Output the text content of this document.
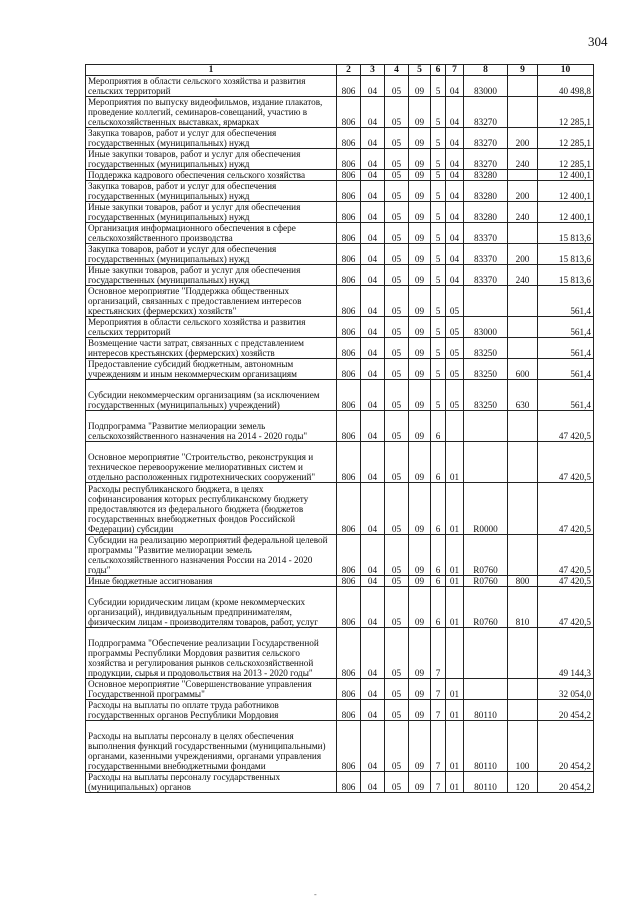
304
1	2	3	4	5	6	7	8	9	10
Мероприятия в области сельского хозяйства и развития сельских территорий	806	04	05	09	5	04	83000		40 498,8
Мероприятия по выпуску видеофильмов, издание плакатов, проведение коллегий, семинаров-совещаний, участию в сельскохозяйственных выставках, ярмарках	806	04	05	09	5	04	83270		12 285,1
Закупка товаров, работ и услуг для обеспечения государственных (муниципальных) нужд	806	04	05	09	5	04	83270	200	12 285,1
Иные закупки товаров, работ и услуг для обеспечения государственных (муниципальных) нужд	806	04	05	09	5	04	83270	240	12 285,1
Поддержка кадрового обеспечения сельского хозяйства	806	04	05	09	5	04	83280		12 400,1
Закупка товаров, работ и услуг для обеспечения государственных (муниципальных) нужд	806	04	05	09	5	04	83280	200	12 400,1
Иные закупки товаров, работ и услуг для обеспечения государственных (муниципальных) нужд	806	04	05	09	5	04	83280	240	12 400,1
Организация информационного обеспечения в сфере сельскохозяйственного производства	806	04	05	09	5	04	83370		15 813,6
Закупка товаров, работ и услуг для обеспечения государственных (муниципальных) нужд	806	04	05	09	5	04	83370	200	15 813,6
Иные закупки товаров, работ и услуг для обеспечения государственных (муниципальных) нужд	806	04	05	09	5	04	83370	240	15 813,6
Основное мероприятие "Поддержка общественных организаций, связанных с предоставлением интересов крестьянских (фермерских) хозяйств"	806	04	05	09	5	05			561,4
Мероприятия в области сельского хозяйства и развития сельских территорий	806	04	05	09	5	05	83000		561,4
Возмещение части затрат, связанных с представлением интересов крестьянских (фермерских) хозяйств	806	04	05	09	5	05	83250		561,4
Предоставление субсидий бюджетным, автономным учреждениям и иным некоммерческим организациям	806	04	05	09	5	05	83250	600	561,4
Субсидии некоммерческим организациям (за исключением государственных (муниципальных) учреждений)	806	04	05	09	5	05	83250	630	561,4
Подпрограмма "Развитие мелиорации земель сельскохозяйственного назначения на 2014 - 2020 годы"	806	04	05	09	6				47 420,5
Основное мероприятие "Строительство, реконструкция и техническое перевооружение мелиоративных систем и отдельно расположенных гидротехнических сооружений"	806	04	05	09	6	01			47 420,5
Расходы республиканского бюджета, в целях софинансирования которых республиканскому бюджету предоставляются из федерального бюджета (бюджетов государственных внебюджетных фондов Российской Федерации) субсидии	806	04	05	09	6	01	R0000		47 420,5
Субсидии на реализацию мероприятий федеральной целевой программы "Развитие мелиорации земель сельскохозяйственного назначения России на 2014 - 2020 годы"	806	04	05	09	6	01	R0760		47 420,5
Иные бюджетные ассигнования	806	04	05	09	6	01	R0760	800	47 420,5
Субсидии юридическим лицам (кроме некоммерческих организаций), индивидуальным предпринимателям, физическим лицам - производителям товаров, работ, услуг	806	04	05	09	6	01	R0760	810	47 420,5
Подпрограмма "Обеспечение реализации Государственной программы Республики Мордовия развития сельского хозяйства и регулирования рынков сельскохозяйственной продукции, сырья и продовольствия на 2013 - 2020 годы"	806	04	05	09	7				49 144,3
Основное мероприятие "Совершенствование управления Государственной программы"	806	04	05	09	7	01			32 054,0
Расходы на выплаты по оплате труда работников государственных органов Республики Мордовия	806	04	05	09	7	01	80110		20 454,2
Расходы на выплаты персоналу в целях обеспечения выполнения функций государственными (муниципальными) органами, казенными учреждениями, органами управления государственными внебюджетными фондами	806	04	05	09	7	01	80110	100	20 454,2
Расходы на выплаты персоналу государственных (муниципальных) органов	806	04	05	09	7	01	80110	120	20 454,2
-
